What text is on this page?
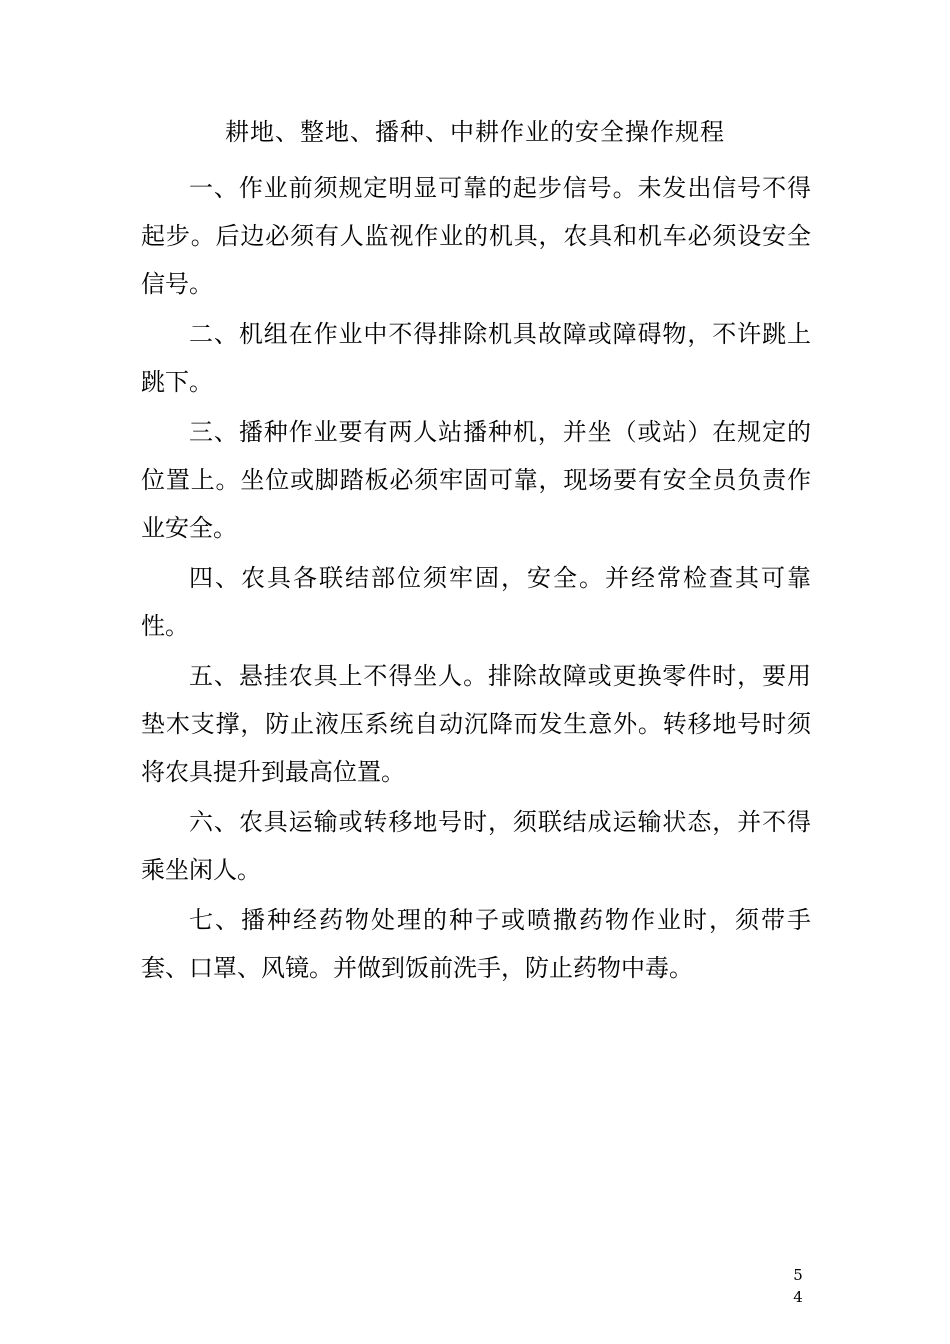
耕地、整地、播种、中耕作业的安全操作规程

一、作业前须规定明显可靠的起步信号。未发出信号不得起步。后边必须有人监视作业的机具，农具和机车必须设安全信号。

二、机组在作业中不得排除机具故障或障碍物，不许跳上跳下。

三、播种作业要有两人站播种机，并坐（或站）在规定的位置上。坐位或脚踏板必须牢固可靠，现场要有安全员负责作业安全。

四、农具各联结部位须牢固，安全。并经常检查其可靠性。

五、悬挂农具上不得坐人。排除故障或更换零件时，要用垫木支撑，防止液压系统自动沉降而发生意外。转移地号时须将农具提升到最高位置。

六、农具运输或转移地号时，须联结成运输状态，并不得乘坐闲人。

七、播种经药物处理的种子或喷撒药物作业时，须带手套、口罩、风镜。并做到饭前洗手，防止药物中毒。

5
4
